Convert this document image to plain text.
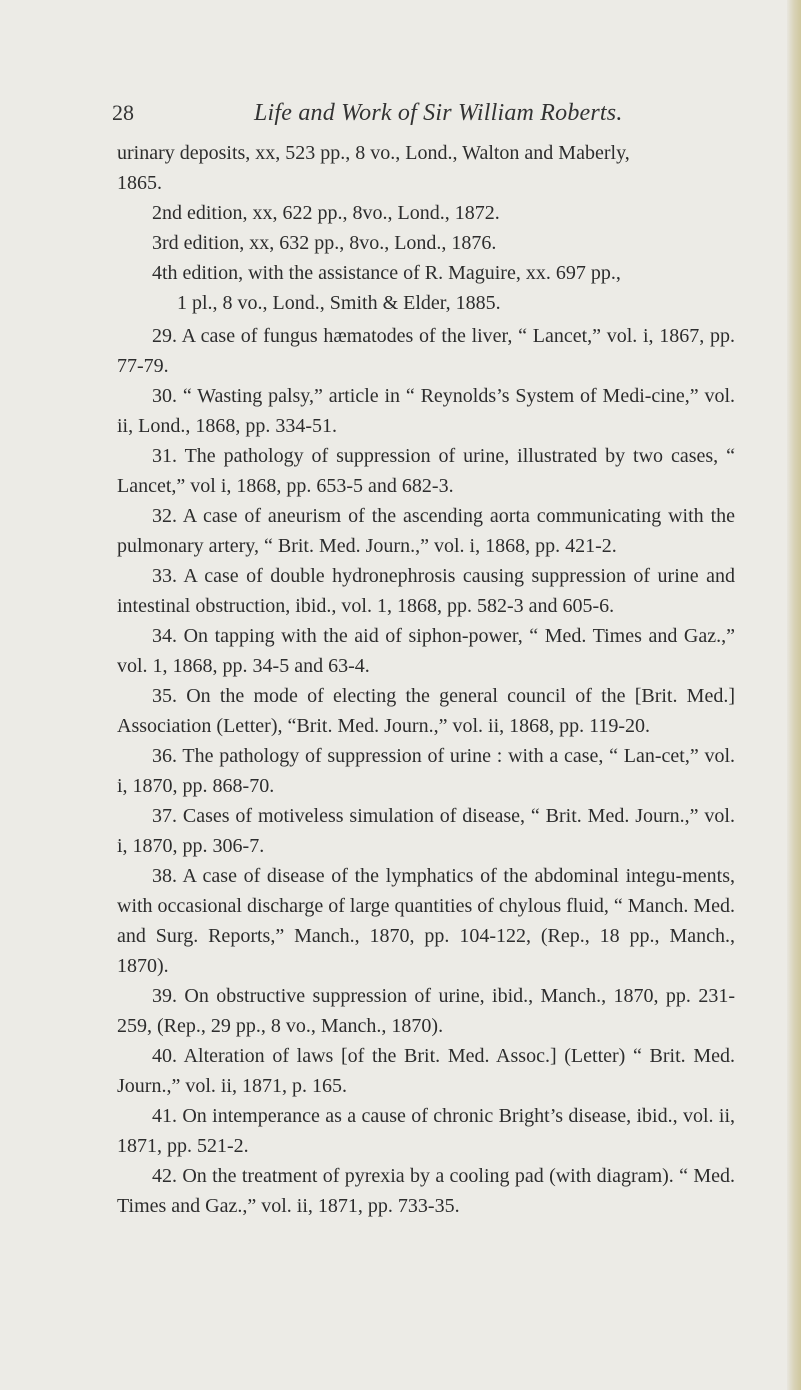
28	Life and Work of Sir William Roberts.
urinary deposits, xx, 523 pp., 8 vo., Lond., Walton and Maberly,
1865.
2nd edition, xx, 622 pp., 8vo., Lond., 1872.
3rd edition, xx, 632 pp., 8vo., Lond., 1876.
4th edition, with the assistance of R. Maguire, xx. 697 pp.,
1 pl., 8 vo., Lond., Smith & Elder, 1885.

29. A case of fungus hæmatodes of the liver, “ Lancet,” vol. i, 1867, pp. 77-79.

30. “ Wasting palsy,” article in “ Reynolds’s System of Medi-cine,” vol. ii, Lond., 1868, pp. 334-51.

31. The pathology of suppression of urine, illustrated by two cases, “ Lancet,” vol i, 1868, pp. 653-5 and 682-3.

32. A case of aneurism of the ascending aorta communicating with the pulmonary artery, “ Brit. Med. Journ.,” vol. i, 1868, pp. 421-2.

33. A case of double hydronephrosis causing suppression of urine and intestinal obstruction, ibid., vol. 1, 1868, pp. 582-3 and 605-6.

34. On tapping with the aid of siphon-power, “ Med. Times and Gaz.,” vol. 1, 1868, pp. 34-5 and 63-4.

35. On the mode of electing the general council of the [Brit. Med.] Association (Letter), “Brit. Med. Journ.,” vol. ii, 1868, pp. 119-20.

36. The pathology of suppression of urine : with a case, “ Lan-cet,” vol. i, 1870, pp. 868-70.

37. Cases of motiveless simulation of disease, “ Brit. Med. Journ.,” vol. i, 1870, pp. 306-7.

38. A case of disease of the lymphatics of the abdominal integu-ments, with occasional discharge of large quantities of chylous fluid, “ Manch. Med. and Surg. Reports,” Manch., 1870, pp. 104-122, (Rep., 18 pp., Manch., 1870).

39. On obstructive suppression of urine, ibid., Manch., 1870, pp. 231-259, (Rep., 29 pp., 8 vo., Manch., 1870).

40. Alteration of laws [of the Brit. Med. Assoc.] (Letter) “ Brit. Med. Journ.,” vol. ii, 1871, p. 165.

41. On intemperance as a cause of chronic Bright’s disease, ibid., vol. ii, 1871, pp. 521-2.

42. On the treatment of pyrexia by a cooling pad (with diagram). “ Med. Times and Gaz.,” vol. ii, 1871, pp. 733-35.
